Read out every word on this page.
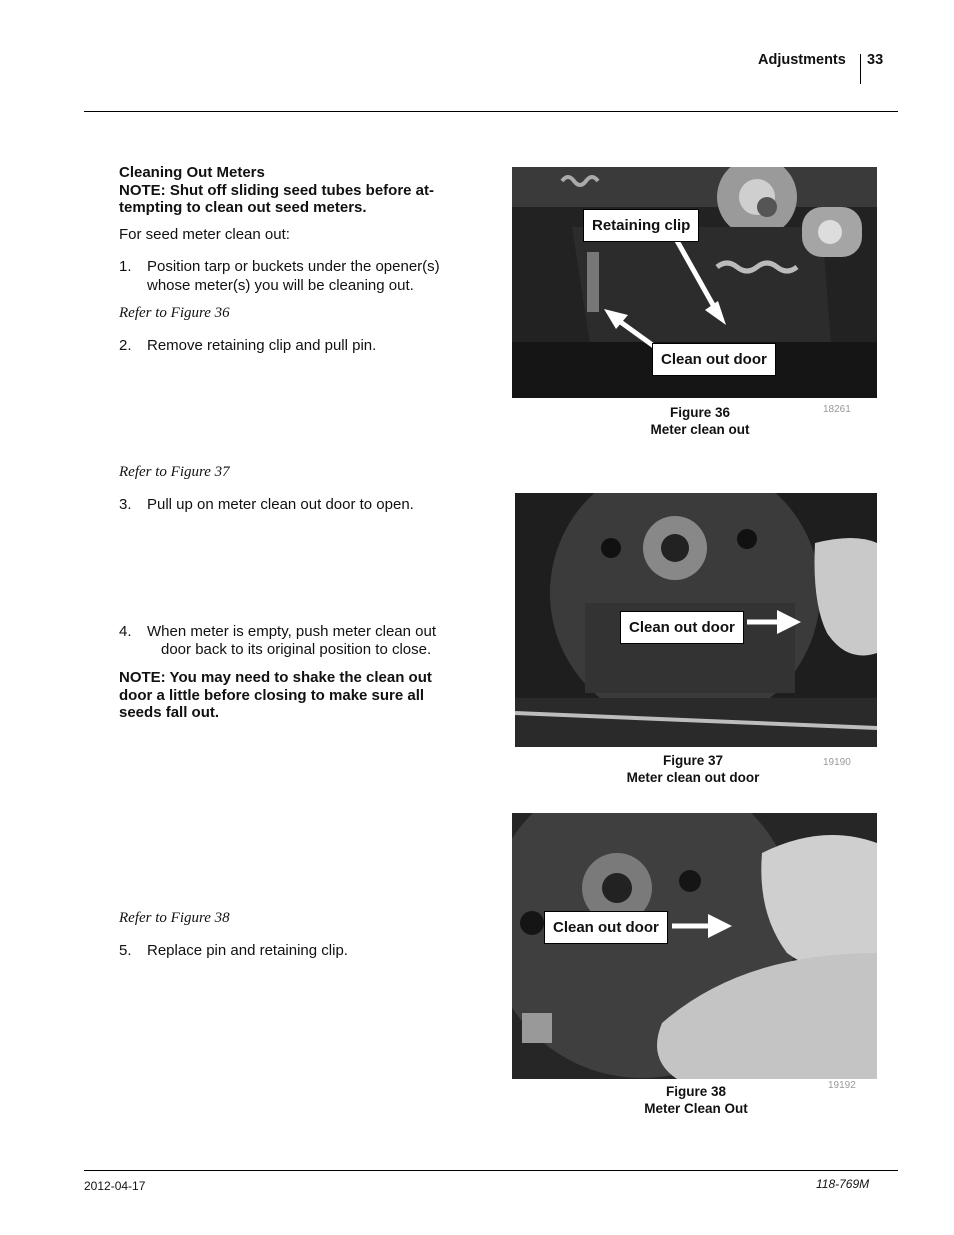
Adjustments 33
Cleaning Out Meters
NOTE: Shut off sliding seed tubes before at-
tempting to clean out seed meters.
For seed meter clean out:
1.	Position tarp or buckets under the opener(s)
whose meter(s) you will be cleaning out.
Refer to Figure 36
2.	Remove retaining clip and pull pin.
Refer to Figure 37
3.	Pull up on meter clean out door to open.
4.	When meter is empty, push meter clean out
door back to its original position to close.
NOTE: You may need to shake the clean out
door a little before closing to make sure all
seeds fall out.
Refer to Figure 38
5.	Replace pin and retaining clip.
Retaining clip
Clean out door
Figure 36
Meter clean out
18261
Clean out door
Figure 37
Meter clean out door
19190
Clean out door
Figure 38
Meter Clean Out
19192
2012-04-17	118-769M
